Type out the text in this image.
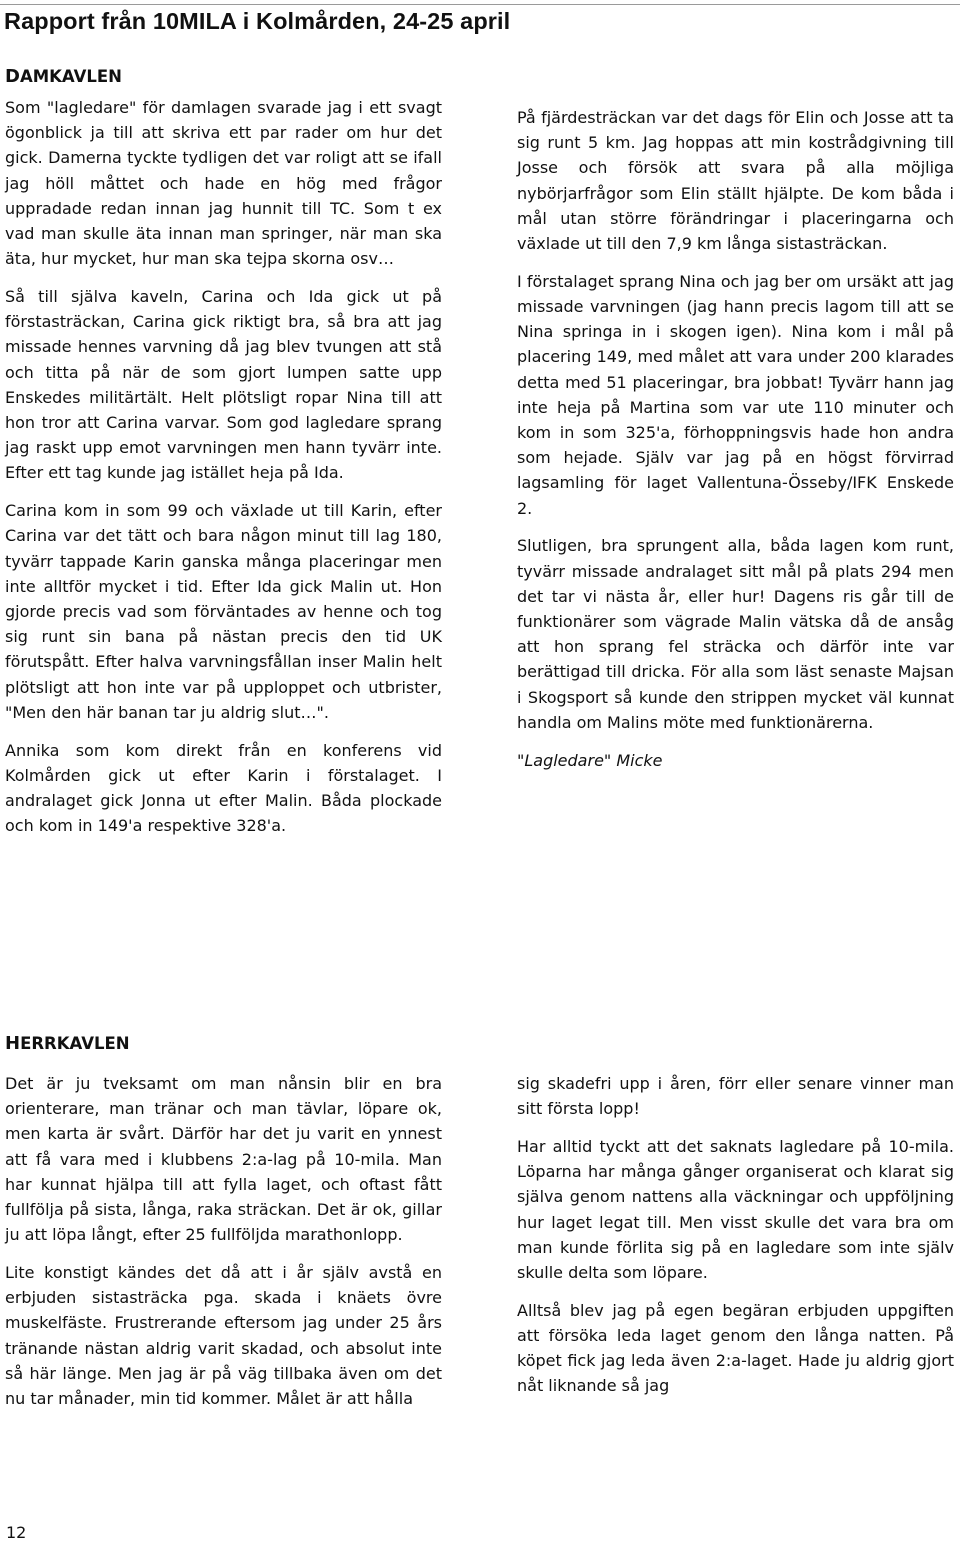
Rapport från 10MILA i Kolmården, 24-25 april
DAMKAVLEN

Som "lagledare" för damlagen svarade jag i ett svagt ögonblick ja till att skriva ett par rader om hur det gick. Damerna tyckte tydligen det var roligt att se ifall jag höll måttet och hade en hög med frågor uppradade redan innan jag hunnit till TC. Som t ex vad man skulle äta innan man springer, när man ska äta, hur mycket, hur man ska tejpa skorna osv…

Så till själva kaveln, Carina och Ida gick ut på förstasträckan, Carina gick riktigt bra, så bra att jag missade hennes varvning då jag blev tvungen att stå och titta på när de som gjort lumpen satte upp Enskedes militärtält. Helt plötsligt ropar Nina till att hon tror att Carina varvar. Som god lagledare sprang jag raskt upp emot varvningen men hann tyvärr inte. Efter ett tag kunde jag istället heja på Ida.

Carina kom in som 99 och växlade ut till Karin, efter Carina var det tätt och bara någon minut till lag 180, tyvärr tappade Karin ganska många placeringar men inte alltför mycket i tid. Efter Ida gick Malin ut. Hon gjorde precis vad som förväntades av henne och tog sig runt sin bana på nästan precis den tid UK förutspått. Efter halva varvningsfållan inser Malin helt plötsligt att hon inte var på upploppet och utbrister, "Men den här banan tar ju aldrig slut…".

Annika som kom direkt från en konferens vid Kolmården gick ut efter Karin i förstalaget. I andralaget gick Jonna ut efter Malin. Båda plockade och kom in 149'a respektive 328'a.

På fjärdesträckan var det dags för Elin och Josse att ta sig runt 5 km. Jag hoppas att min kostrådgivning till Josse och försök att svara på alla möjliga nybörjarfrågor som Elin ställt hjälpte. De kom båda i mål utan större förändringar i placeringarna och växlade ut till den 7,9 km långa sistasträckan.

I förstalaget sprang Nina och jag ber om ursäkt att jag missade varvningen (jag hann precis lagom till att se Nina springa in i skogen igen). Nina kom i mål på placering 149, med målet att vara under 200 klarades detta med 51 placeringar, bra jobbat! Tyvärr hann jag inte heja på Martina som var ute 110 minuter och kom in som 325'a, förhoppningsvis hade hon andra som hejade. Själv var jag på en högst förvirrad lagsamling för laget Vallentuna-Össeby/IFK Enskede 2.

Slutligen, bra sprungent alla, båda lagen kom runt, tyvärr missade andralaget sitt mål på plats 294 men det tar vi nästa år, eller hur! Dagens ris går till de funktionärer som vägrade Malin vätska då de ansåg att hon sprang fel sträcka och därför inte var berättigad till dricka. För alla som läst senaste Majsan i Skogsport så kunde den strippen mycket väl kunnat handla om Malins möte med funktionärerna.

"Lagledare" Micke

HERRKAVLEN

Det är ju tveksamt om man nånsin blir en bra orienterare, man tränar och man tävlar, löpare ok, men karta är svårt. Därför har det ju varit en ynnest att få vara med i klubbens 2:a-lag på 10-mila. Man har kunnat hjälpa till att fylla laget, och oftast fått fullfölja på sista, långa, raka sträckan. Det är ok, gillar ju att löpa långt, efter 25 fullföljda marathonlopp.

Lite konstigt kändes det då att i år själv avstå en erbjuden sistasträcka pga. skada i knäets övre muskelfäste. Frustrerande eftersom jag under 25 års tränande nästan aldrig varit skadad, och absolut inte så här länge. Men jag är på väg tillbaka även om det nu tar månader, min tid kommer. Målet är att hålla

sig skadefri upp i åren, förr eller senare vinner man sitt första lopp!

Har alltid tyckt att det saknats lagledare på 10-mila. Löparna har många gånger organiserat och klarat sig själva genom nattens alla väckningar och uppföljning hur laget legat till. Men visst skulle det vara bra om man kunde förlita sig på en lagledare som inte själv skulle delta som löpare.

Alltså blev jag på egen begäran erbjuden uppgiften att försöka leda laget genom den långa natten. På köpet fick jag leda även 2:a-laget. Hade ju aldrig gjort nåt liknande så jag

12
